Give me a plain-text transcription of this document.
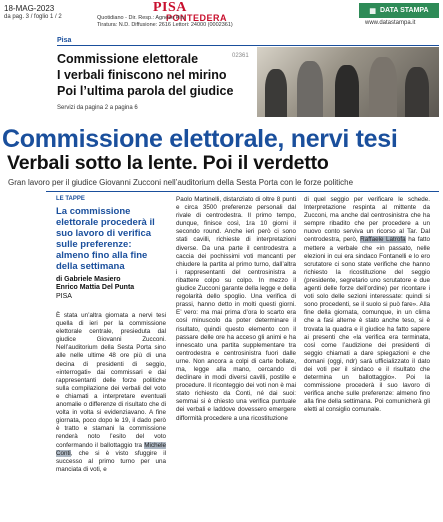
18-MAG-2023
da pag. 3 / foglio 1 / 2
PISA
PONTEDERA
Quotidiano - Dir. Resp.: Agnese Pini
Tiratura: N.D. Diffusione: 2616 Lettori: 24000 (0002361)
▦ DATA STAMPA
www.datastampa.it
Pisa
Commissione elettorale
I verbali finiscono nel mirino
Poi l’ultima parola del giudice
02361
Servizi da pagina 2 a pagina 6
Commissione elettorale, nervi tesi
Verbali sotto la lente. Poi il verdetto
Gran lavoro per il giudice Giovanni Zucconi nell’auditorium della Sesta Porta con le forze politiche
LE TAPPE
La commissione elettorale procederà il suo lavoro di verifica sulle preferenze: almeno fino alla fine della settimana
di Gabriele Masiero
Enrico Mattia Del Punta
PISA

È stata un’altra giornata a nervi tesi quella di ieri per la commissione elettorale centrale, presieduta dal giudice Giovanni Zucconi. Nell’auditorium della Sesta Porta sino alle nelle ultime 48 ore più di una decina di presidenti di seggio, «interrogati» dai commissari e dai rappresentanti delle forze politiche sulla compilazione dei verbali del voto e chiamati a interpretare eventuali anomalie o differenze di risultato che di volta in volta si evidenziavano. A fine giornata, poco dopo le 19, il dado però è tratto e stamani la commissione renderà noto l’esito del voto confermando il ballottaggio tra Michele Conti, che si è visto sfuggire il successo al primo turno per una manciata di voti, e

Paolo Martinelli, distanziato di oltre 8 punti e circa 3500 preferenze personali dal rivale di centrodestra. Il primo tempo, dunque, finisce così, 1ra 10 giorni il secondo round. Anche ieri però ci sono stati cavilli, richieste di interpretazioni diverse. Da una parte il centrodestra a caccia dei pochissimi voti mancanti per chiudere la partita al primo turno, dall’altra i rappresentanti del centrosinistra a ribattere colpo su colpo. In mezzo il giudice Zucconi garante della legge e della regolarità dello spoglio. Una verifica di prassi, hanno detto in molti questi giorni. E’ vero: ma mai prima d’ora lo scarto era così minuscolo da poter determinare il risultato, quindi questo elemento con il passare delle ore ha acceso gli animi e ha innescato una partita supplementare tra centrodestra e centrosinistra fuori dalle urne. Non ancora a colpi di carte bollate, ma, legge alla mano, cercando di declinare in modi diversi cavilli, postille e procedure. Il riconteggio dei voti non è mai stato richiesto da Conti, né dai suoi: semmai si è chiesto una verifica puntuale dei verbali e laddove dovessero emergere difformità procedere a una ricostituzione

di quel seggio per verificare le schede. Interpretazione respinta al mittente da Zucconi, ma anche dal centrosinistra che ha sempre ribadito che per procedere a un nuovo conto serviva un ricorso al Tar. Dal centrodestra, però, Raffaele Latrofa ha fatto mettere a verbale che «in passato, nelle elezioni in cui era sindaco Fontanelli e lo ero scrutatore ci sono state verifiche che hanno richiesto la ricostituzione del seggio (presidente, segretario uno scrutatore e due agenti delle forze dell’ordine) per ricontare i voti solo delle sezioni interessate: quindi si sono procedenti, se il suolo si può fare». Alla fine della giornata, comunque, in un clima che a fasi alterne è stato anche teso, si è trovata la quadra e il giudice ha fatto sapere ai presenti che «la verifica era terminata, così come l’audizione dei presidenti di seggio chiamati a dare spiegazioni e che domani (oggi, ndr) sarà ufficializzato il dato dei voti per il sindaco e il risultato che determina un ballottaggio». Poi la commissione procederà il suo lavoro di verifica anche sulle preferenze: almeno fino alla fine della settimana. Poi comunicherà gli eletti al consiglio comunale.
